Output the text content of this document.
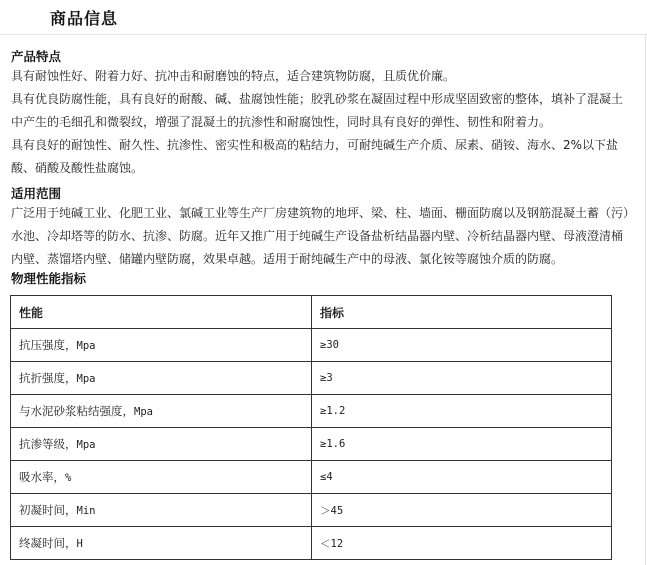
商品信息
产品特点
具有耐蚀性好、附着力好、抗冲击和耐磨蚀的特点，适合建筑物防腐，且质优价廉。
具有优良防腐性能，具有良好的耐酸、碱、盐腐蚀性能；胶乳砂浆在凝固过程中形成坚固致密的整体，填补了混凝土中产生的毛细孔和微裂纹，增强了混凝土的抗渗性和耐腐蚀性，同时具有良好的弹性、韧性和附着力。
具有良好的耐蚀性、耐久性、抗渗性、密实性和极高的粘结力，可耐纯碱生产介质、尿素、硝铵、海水、2%以下盐酸、硝酸及酸性盐腐蚀。
适用范围
广泛用于纯碱工业、化肥工业、氯碱工业等生产厂房建筑物的地坪、梁、柱、墙面、栅面防腐以及钢筋混凝土蓄（污）水池、冷却塔等的防水、抗渗、防腐。近年又推广用于纯碱生产设备盐析结晶器内壁、冷析结晶器内壁、母液澄清桶内壁、蒸馏塔内壁、储罐内壁防腐，效果卓越。适用于耐纯碱生产中的母液、氯化铵等腐蚀介质的防腐。
物理性能指标
性能	指标
抗压强度，Mpa	≥30
抗折强度，Mpa	≥3
与水泥砂浆粘结强度，Mpa	≥1.2
抗渗等级，Mpa	≥1.6
吸水率，%	≤4
初凝时间，Min	＞45
终凝时间，H	＜12
